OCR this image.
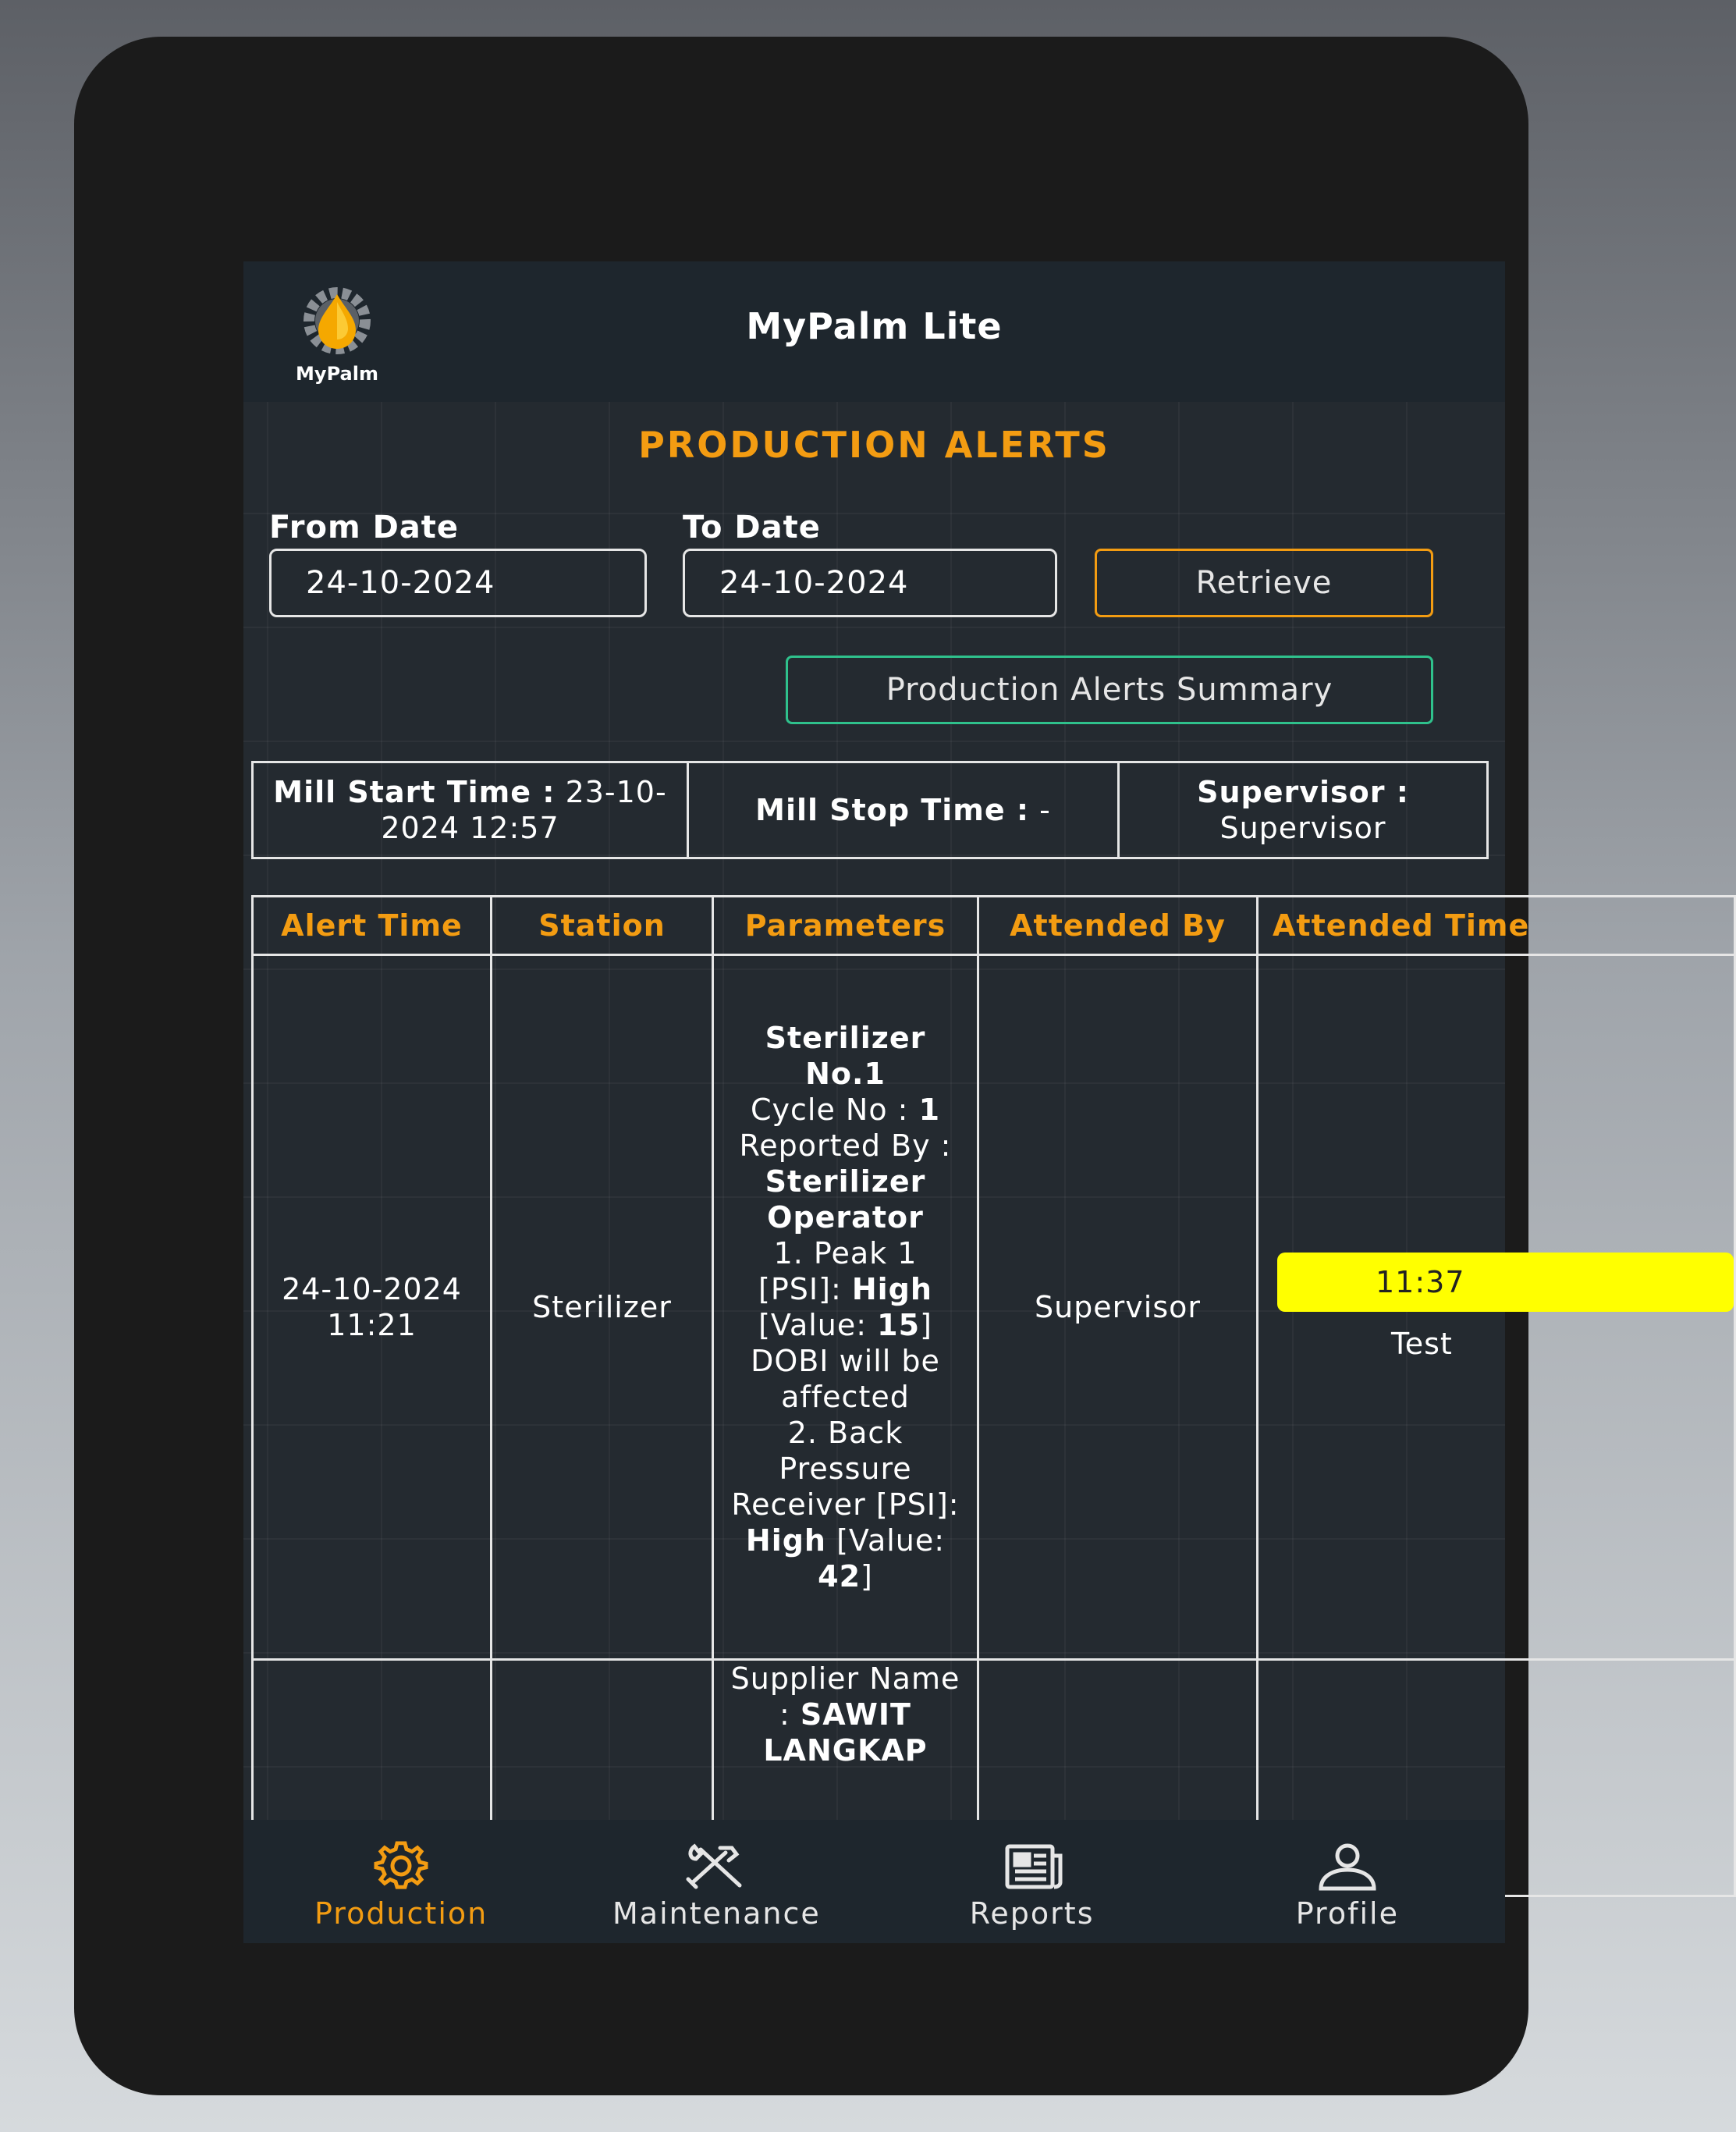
MyPalm
MyPalm Lite
PRODUCTION ALERTS
From Date
24-10-2024
To Date
24-10-2024	Retrieve
Production Alerts Summary
Mill Start Time : 23-10-2024 12:57
Mill Stop Time : -
Supervisor :
Supervisor
Alert Time	Station	Parameters	Attended By	Attended Time
24-10-2024 11:21	Sterilizer	Sterilizer No.1
Cycle No : 1
Reported By : Sterilizer Operator
1. Peak 1 [PSI]: High [Value: 15] DOBI will be affected
2. Back Pressure Receiver [PSI]: High [Value: 42]	Supervisor	11:37
Test

		Supplier Name : SAWIT LANGKAP		
Production	Maintenance	Reports	Profile
